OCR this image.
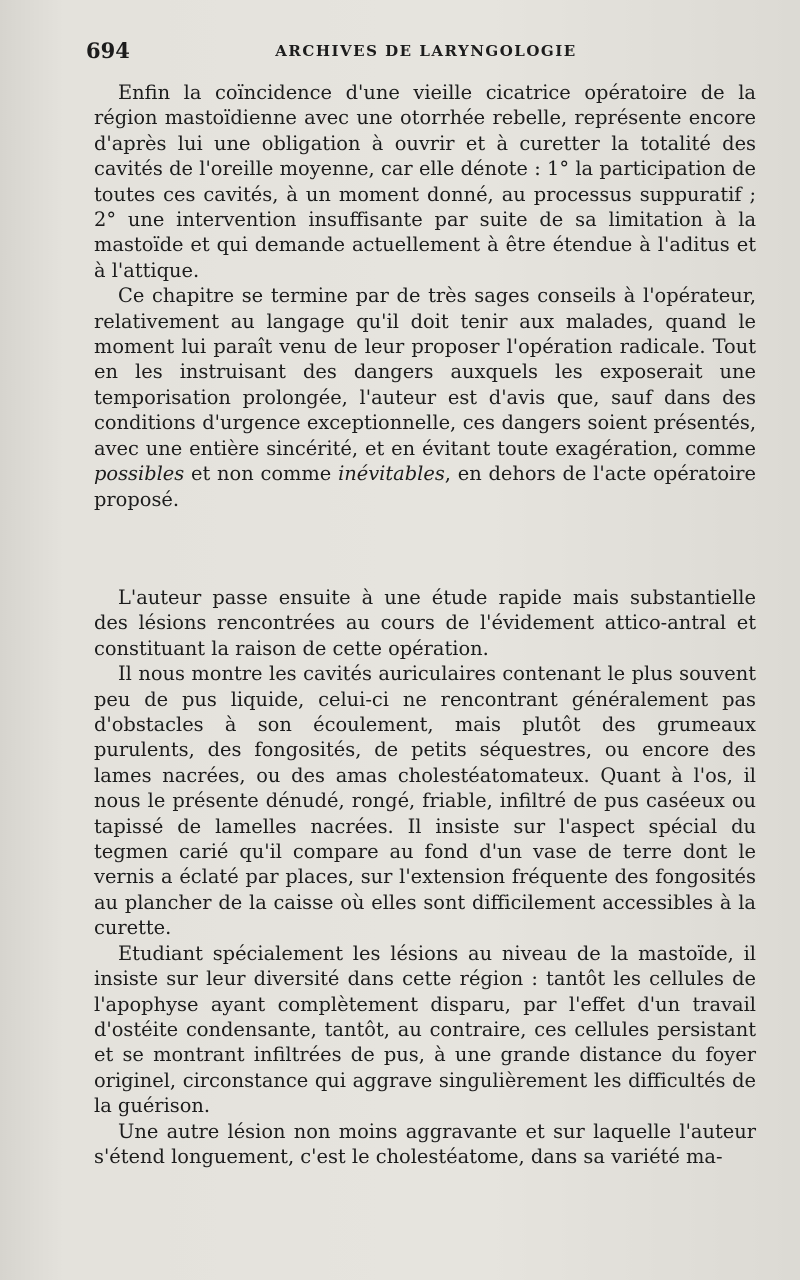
694	ARCHIVES DE LARYNGOLOGIE

Enfin la coïncidence d'une vieille cicatrice opératoire de la région mastoïdienne avec une otorrhée rebelle, représente encore d'après lui une obligation à ouvrir et à curetter la totalité des cavités de l'oreille moyenne, car elle dénote : 1° la participation de toutes ces cavités, à un moment donné, au processus suppuratif ; 2° une intervention insuffisante par suite de sa limitation à la mastoïde et qui demande actuellement à être étendue à l'aditus et à l'attique.

Ce chapitre se termine par de très sages conseils à l'opérateur, relativement au langage qu'il doit tenir aux malades, quand le moment lui paraît venu de leur proposer l'opération radicale. Tout en les instruisant des dangers auxquels les exposerait une temporisation prolongée, l'auteur est d'avis que, sauf dans des conditions d'urgence exceptionnelle, ces dangers soient présentés, avec une entière sincérité, et en évitant toute exagération, comme possibles et non comme inévitables, en dehors de l'acte opératoire proposé.

L'auteur passe ensuite à une étude rapide mais substantielle des lésions rencontrées au cours de l'évidement attico-antral et constituant la raison de cette opération.

Il nous montre les cavités auriculaires contenant le plus souvent peu de pus liquide, celui-ci ne rencontrant généralement pas d'obstacles à son écoulement, mais plutôt des grumeaux purulents, des fongosités, de petits séquestres, ou encore des lames nacrées, ou des amas cholestéatomateux. Quant à l'os, il nous le présente dénudé, rongé, friable, infiltré de pus caséeux ou tapissé de lamelles nacrées. Il insiste sur l'aspect spécial du tegmen carié qu'il compare au fond d'un vase de terre dont le vernis a éclaté par places, sur l'extension fréquente des fongosités au plancher de la caisse où elles sont difficilement accessibles à la curette.

Etudiant spécialement les lésions au niveau de la mastoïde, il insiste sur leur diversité dans cette région : tantôt les cellules de l'apophyse ayant complètement disparu, par l'effet d'un travail d'ostéite condensante, tantôt, au contraire, ces cellules persistant et se montrant infiltrées de pus, à une grande distance du foyer originel, circonstance qui aggrave singulièrement les difficultés de la guérison.

Une autre lésion non moins aggravante et sur laquelle l'auteur s'étend longuement, c'est le cholestéatome, dans sa variété ma-
